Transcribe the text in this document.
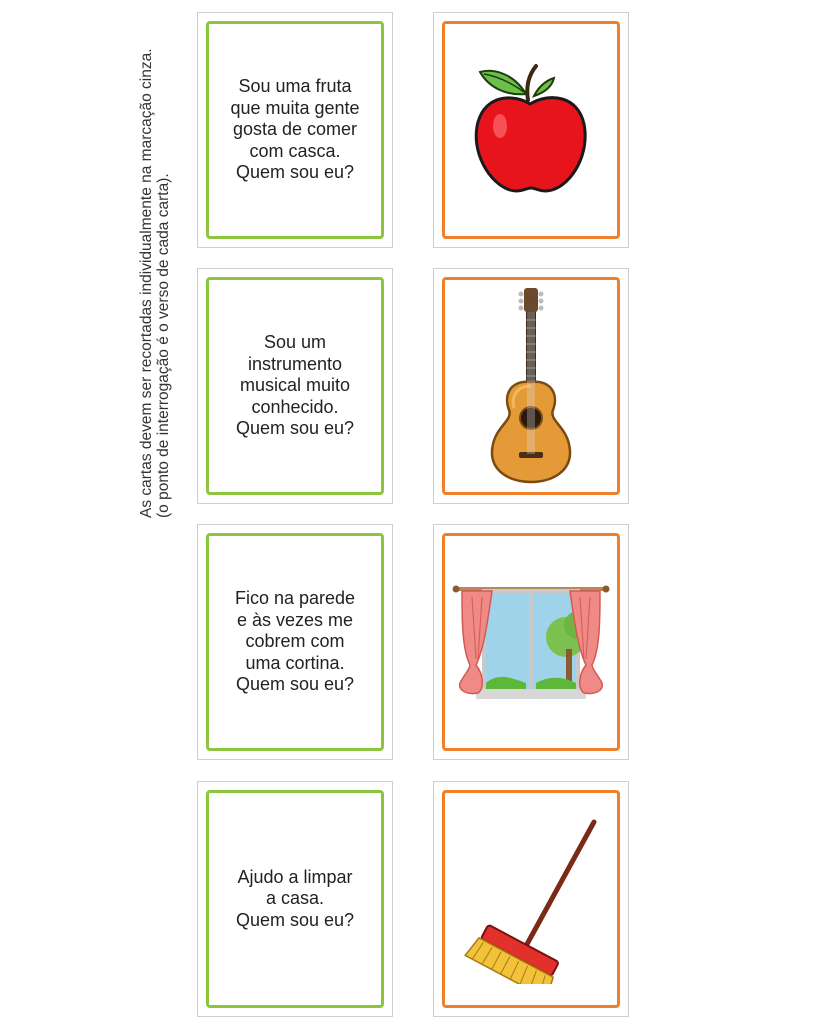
As cartas devem ser recortadas individualmente na marcação cinza. (o ponto de interrogação é o verso de cada carta).
Sou uma fruta
que muita gente
gosta de comer
com casca.
Quem sou eu?
Sou um
instrumento
musical muito
conhecido.
Quem sou eu?
Fico na parede
e às vezes me
cobrem com
uma cortina.
Quem sou eu?
Ajudo a limpar
a casa.
Quem sou eu?
